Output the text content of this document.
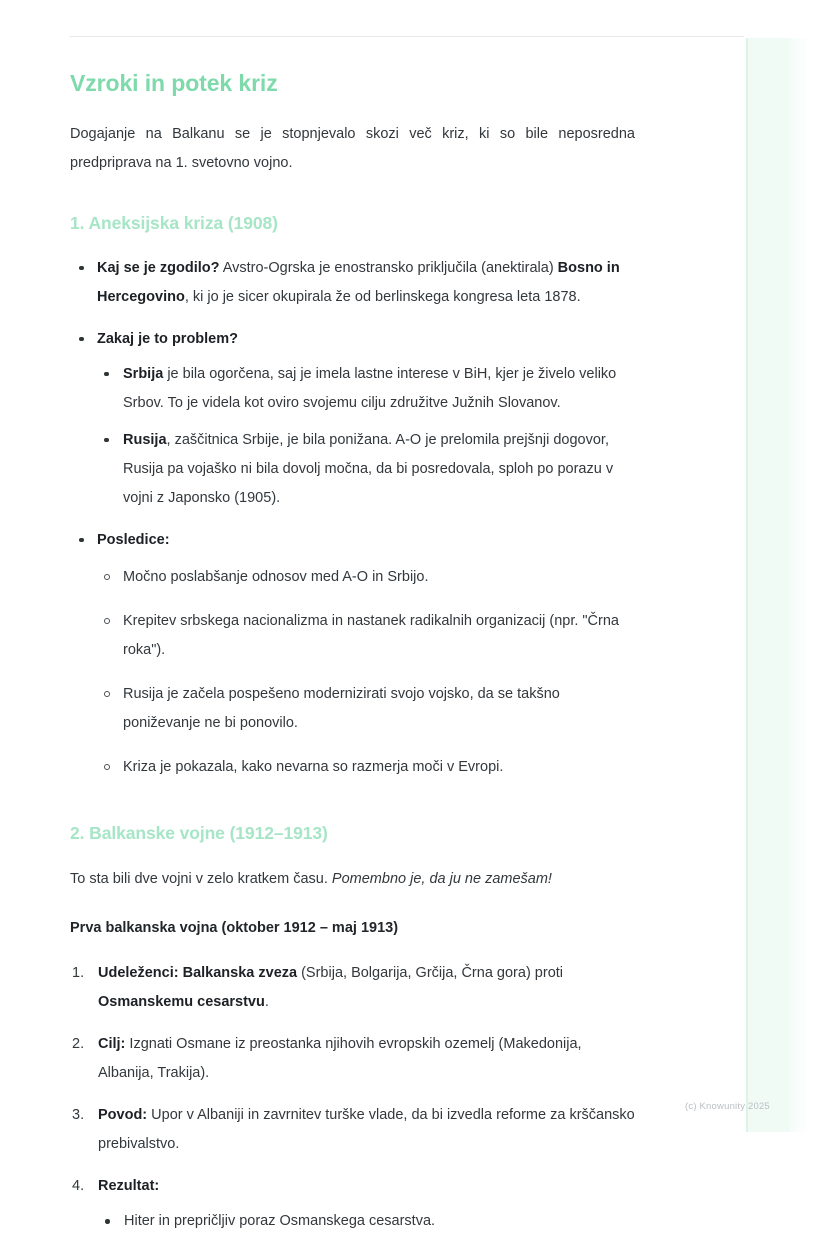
Vzroki in potek kriz

Dogajanje na Balkanu se je stopnjevalo skozi več kriz, ki so bile neposredna predpriprava na 1. svetovno vojno.

1. Aneksijska kriza (1908)
Kaj se je zgodilo? Avstro-Ogrska je enostransko priključila (anektirala) Bosno in Hercegovino, ki jo je sicer okupirala že od berlinskega kongresa leta 1878.
Zakaj je to problem?
Srbija je bila ogorčena, saj je imela lastne interese v BiH, kjer je živelo veliko Srbov. To je videla kot oviro svojemu cilju združitve Južnih Slovanov.
Rusija, zaščitnica Srbije, je bila ponižana. A-O je prelomila prejšnji dogovor, Rusija pa vojaško ni bila dovolj močna, da bi posredovala, sploh po porazu v vojni z Japonsko (1905).
Posledice:
Močno poslabšanje odnosov med A-O in Srbijo.
Krepitev srbskega nacionalizma in nastanek radikalnih organizacij (npr. "Črna roka").
Rusija je začela pospešeno modernizirati svojo vojsko, da se takšno poniževanje ne bi ponovilo.
Kriza je pokazala, kako nevarna so razmerja moči v Evropi.
2. Balkanske vojne (1912–1913)

To sta bili dve vojni v zelo kratkem času. Pomembno je, da ju ne zamešam!

Prva balkanska vojna (oktober 1912 – maj 1913)

Udeleženci: Balkanska zveza (Srbija, Bolgarija, Grčija, Črna gora) proti Osmanskemu cesarstvu.
Cilj: Izgnati Osmane iz preostanka njihovih evropskih ozemelj (Makedonija, Albanija, Trakija).
Povod: Upor v Albaniji in zavrnitev turške vlade, da bi izvedla reforme za krščansko prebivalstvo.
Rezultat:
Hiter in prepričljiv poraz Osmanskega cesarstva.
(c) Knowunity 2025
